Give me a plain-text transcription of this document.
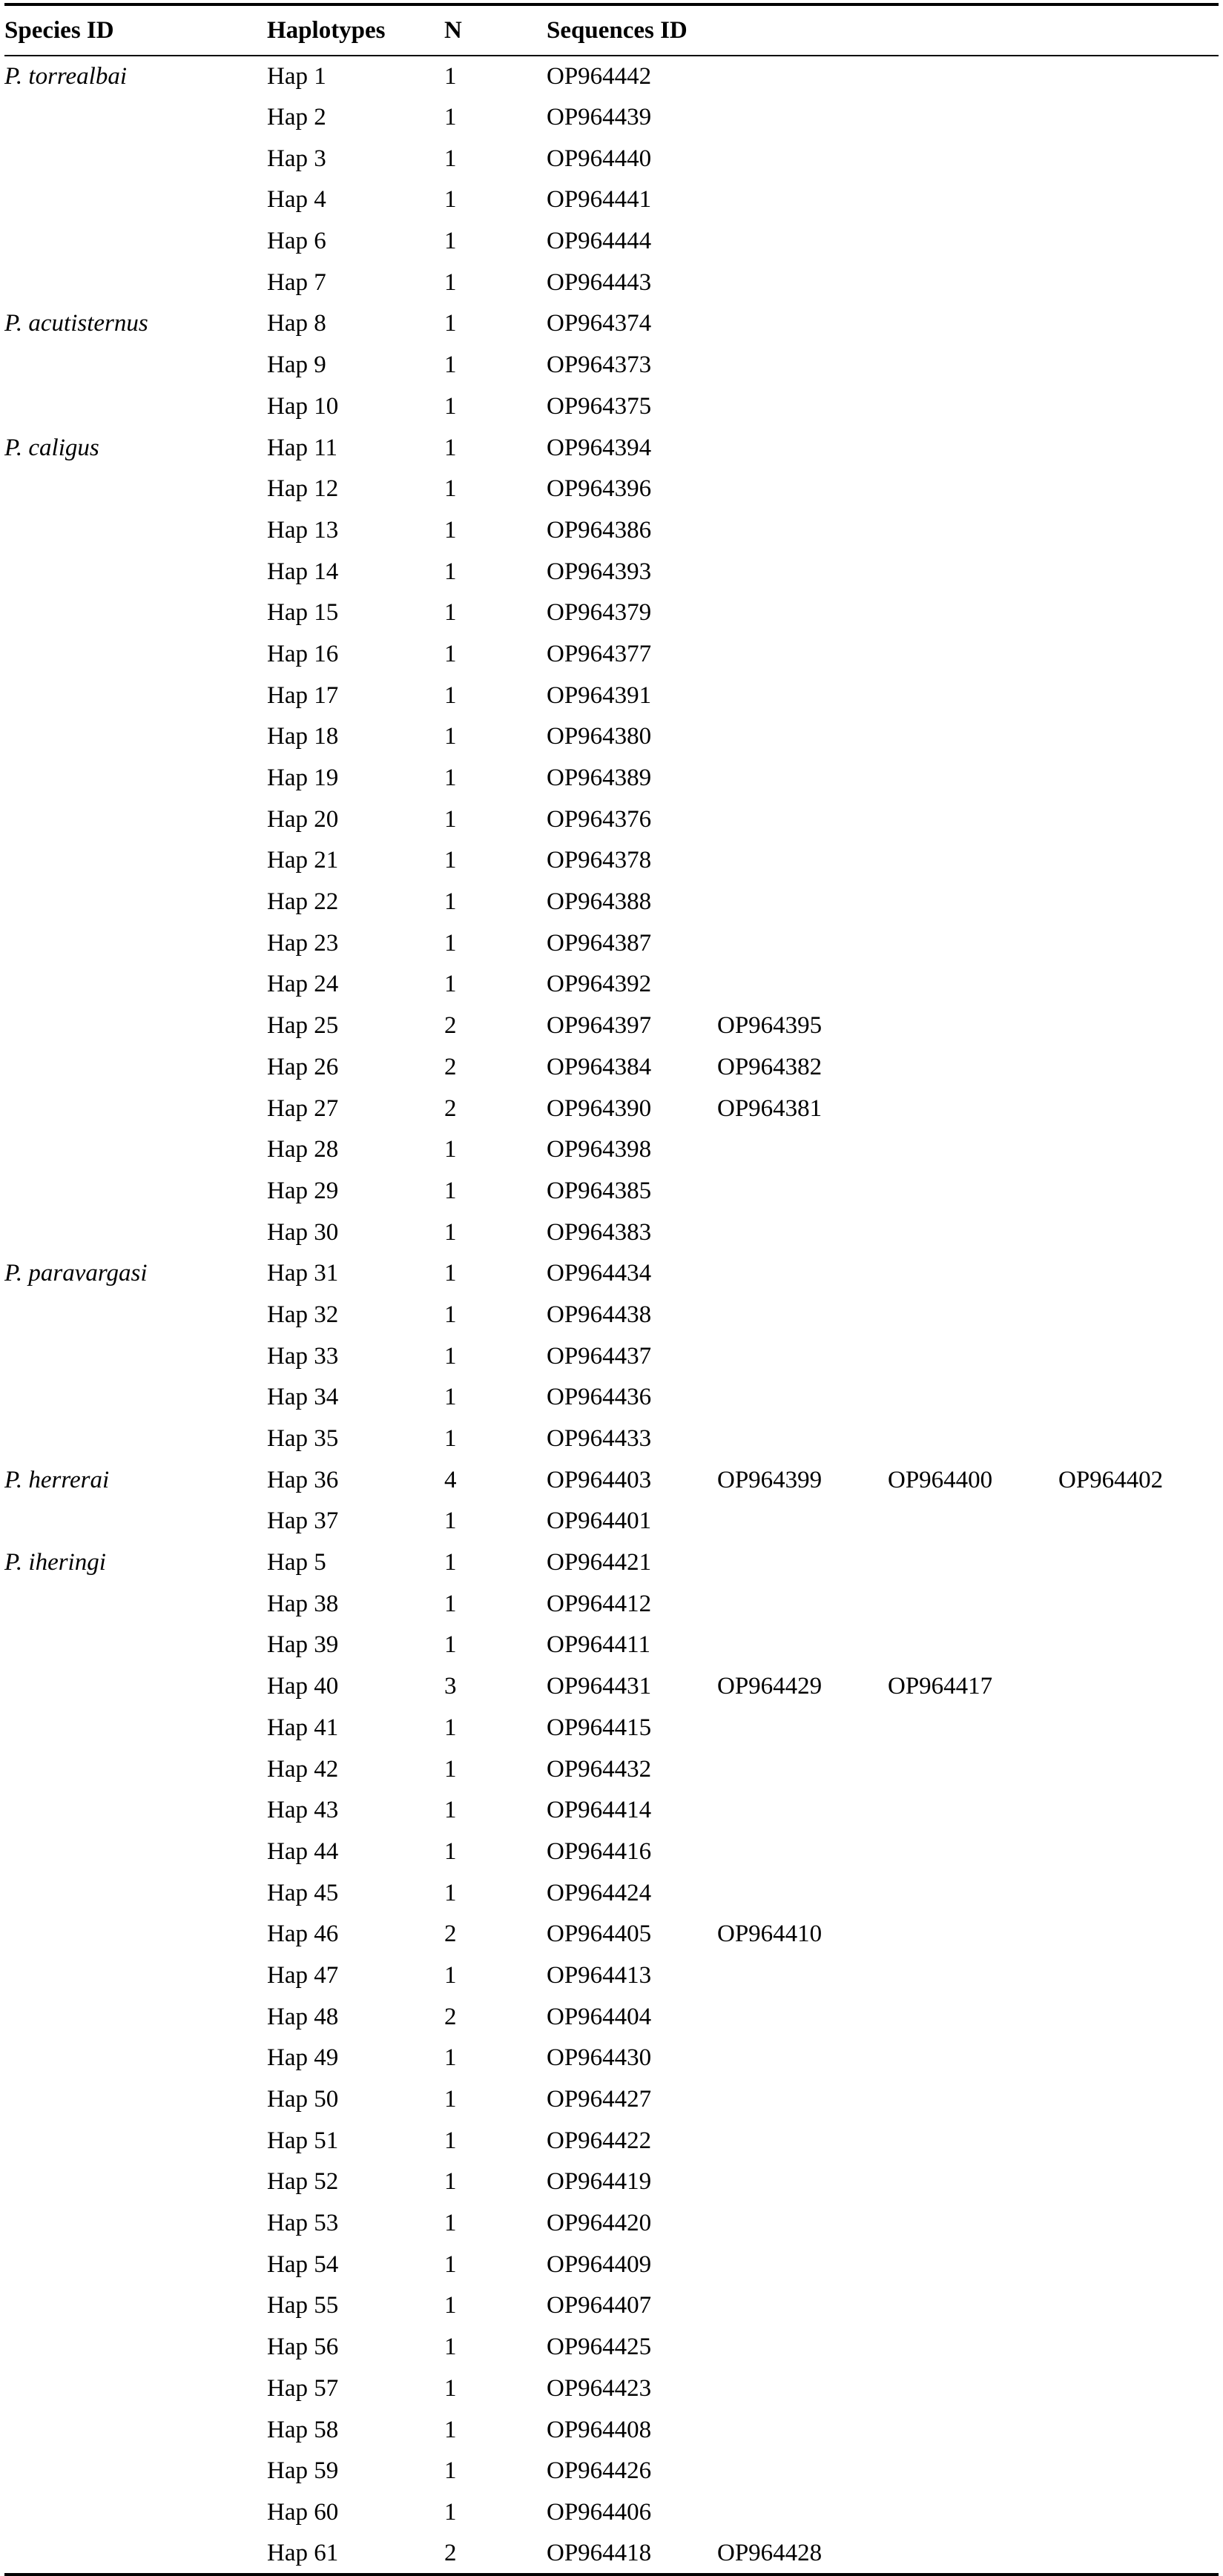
Species ID	Haplotypes	N	Sequences ID			
P. torrealbai	Hap 1	1	OP964442			
	Hap 2	1	OP964439			
	Hap 3	1	OP964440			
	Hap 4	1	OP964441			
	Hap 6	1	OP964444			
	Hap 7	1	OP964443			
P. acutisternus	Hap 8	1	OP964374			
	Hap 9	1	OP964373			
	Hap 10	1	OP964375			
P. caligus	Hap 11	1	OP964394			
	Hap 12	1	OP964396			
	Hap 13	1	OP964386			
	Hap 14	1	OP964393			
	Hap 15	1	OP964379			
	Hap 16	1	OP964377			
	Hap 17	1	OP964391			
	Hap 18	1	OP964380			
	Hap 19	1	OP964389			
	Hap 20	1	OP964376			
	Hap 21	1	OP964378			
	Hap 22	1	OP964388			
	Hap 23	1	OP964387			
	Hap 24	1	OP964392			
	Hap 25	2	OP964397	OP964395		
	Hap 26	2	OP964384	OP964382		
	Hap 27	2	OP964390	OP964381		
	Hap 28	1	OP964398			
	Hap 29	1	OP964385			
	Hap 30	1	OP964383			
P. paravargasi	Hap 31	1	OP964434			
	Hap 32	1	OP964438			
	Hap 33	1	OP964437			
	Hap 34	1	OP964436			
	Hap 35	1	OP964433			
P. herrerai	Hap 36	4	OP964403	OP964399	OP964400	OP964402
	Hap 37	1	OP964401			
P. iheringi	Hap 5	1	OP964421			
	Hap 38	1	OP964412			
	Hap 39	1	OP964411			
	Hap 40	3	OP964431	OP964429	OP964417	
	Hap 41	1	OP964415			
	Hap 42	1	OP964432			
	Hap 43	1	OP964414			
	Hap 44	1	OP964416			
	Hap 45	1	OP964424			
	Hap 46	2	OP964405	OP964410		
	Hap 47	1	OP964413			
	Hap 48	2	OP964404			
	Hap 49	1	OP964430			
	Hap 50	1	OP964427			
	Hap 51	1	OP964422			
	Hap 52	1	OP964419			
	Hap 53	1	OP964420			
	Hap 54	1	OP964409			
	Hap 55	1	OP964407			
	Hap 56	1	OP964425			
	Hap 57	1	OP964423			
	Hap 58	1	OP964408			
	Hap 59	1	OP964426			
	Hap 60	1	OP964406			
	Hap 61	2	OP964418	OP964428		
